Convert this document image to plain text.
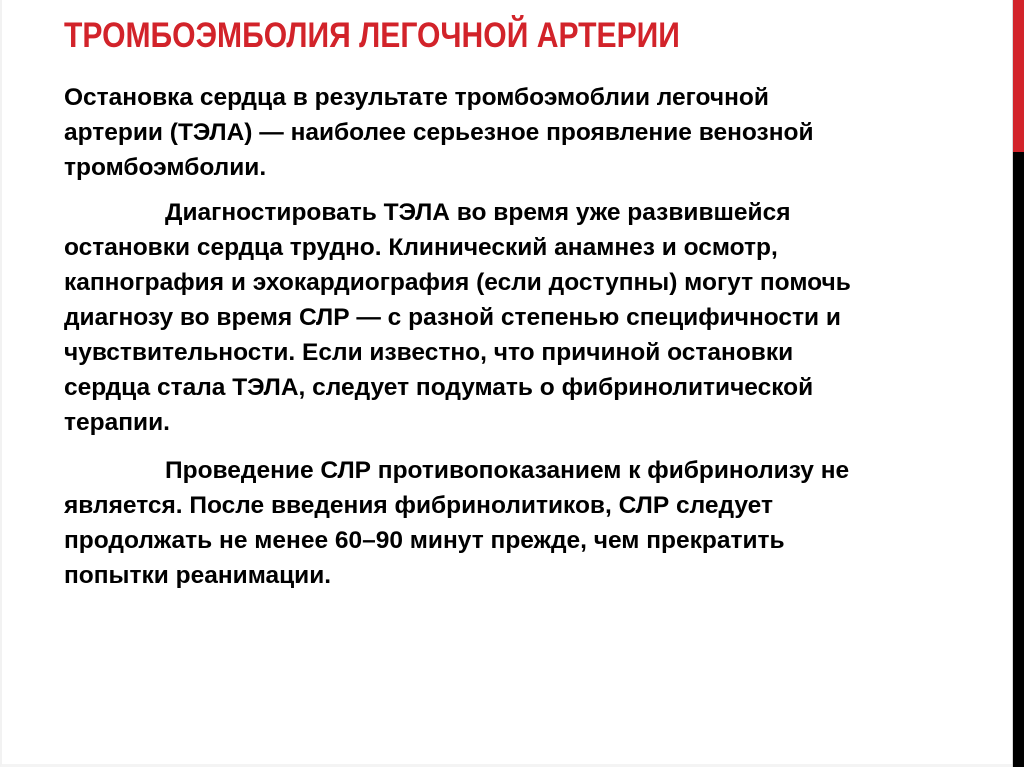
ТРОМБОЭМБОЛИЯ ЛЕГОЧНОЙ АРТЕРИИ

Остановка сердца в результате тромбоэмоблии легочной
артерии (ТЭЛА) — наиболее серьезное проявление венозной
тромбоэмболии.

Диагностировать ТЭЛА во время уже развившейся
остановки сердца трудно. Клинический анамнез и осмотр,
капнография и эхокардиография (если доступны) могут помочь
диагнозу во время СЛР — с разной степенью специфичности и
чувствительности. Если известно, что причиной остановки
сердца стала ТЭЛА, следует подумать о фибринолитической
терапии.

Проведение СЛР противопоказанием к фибринолизу не
является. После введения фибринолитиков, СЛР следует
продолжать не менее 60–90 минут прежде, чем прекратить
попытки реанимации.
